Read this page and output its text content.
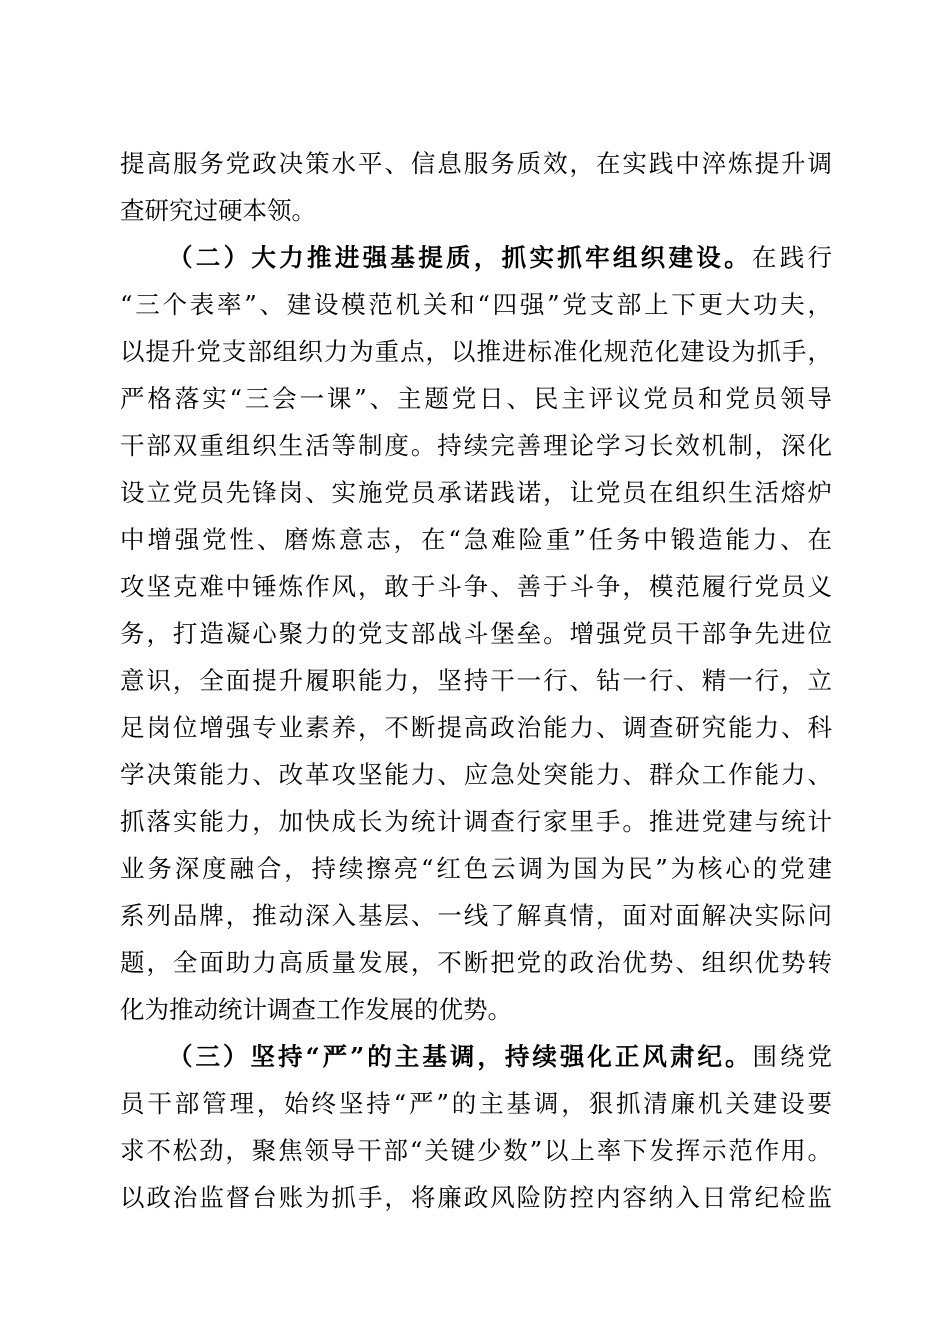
提高服务党政决策水平、信息服务质效，在实践中淬炼提升调
查研究过硬本领。
（二）大力推进强基提质，抓实抓牢组织建设。在践行
“三个表率”、建设模范机关和“四强”党支部上下更大功夫，
以提升党支部组织力为重点，以推进标准化规范化建设为抓手，
严格落实“三会一课”、主题党日、民主评议党员和党员领导
干部双重组织生活等制度。持续完善理论学习长效机制，深化
设立党员先锋岗、实施党员承诺践诺，让党员在组织生活熔炉
中增强党性、磨炼意志，在“急难险重”任务中锻造能力、在
攻坚克难中锤炼作风，敢于斗争、善于斗争，模范履行党员义
务，打造凝心聚力的党支部战斗堡垒。增强党员干部争先进位
意识，全面提升履职能力，坚持干一行、钻一行、精一行，立
足岗位增强专业素养，不断提高政治能力、调查研究能力、科
学决策能力、改革攻坚能力、应急处突能力、群众工作能力、
抓落实能力，加快成长为统计调查行家里手。推进党建与统计
业务深度融合，持续擦亮“红色云调为国为民”为核心的党建
系列品牌，推动深入基层、一线了解真情，面对面解决实际问
题，全面助力高质量发展，不断把党的政治优势、组织优势转
化为推动统计调查工作发展的优势。
（三）坚持“严”的主基调，持续强化正风肃纪。围绕党
员干部管理，始终坚持“严”的主基调，狠抓清廉机关建设要
求不松劲，聚焦领导干部“关键少数”以上率下发挥示范作用。
以政治监督台账为抓手，将廉政风险防控内容纳入日常纪检监
